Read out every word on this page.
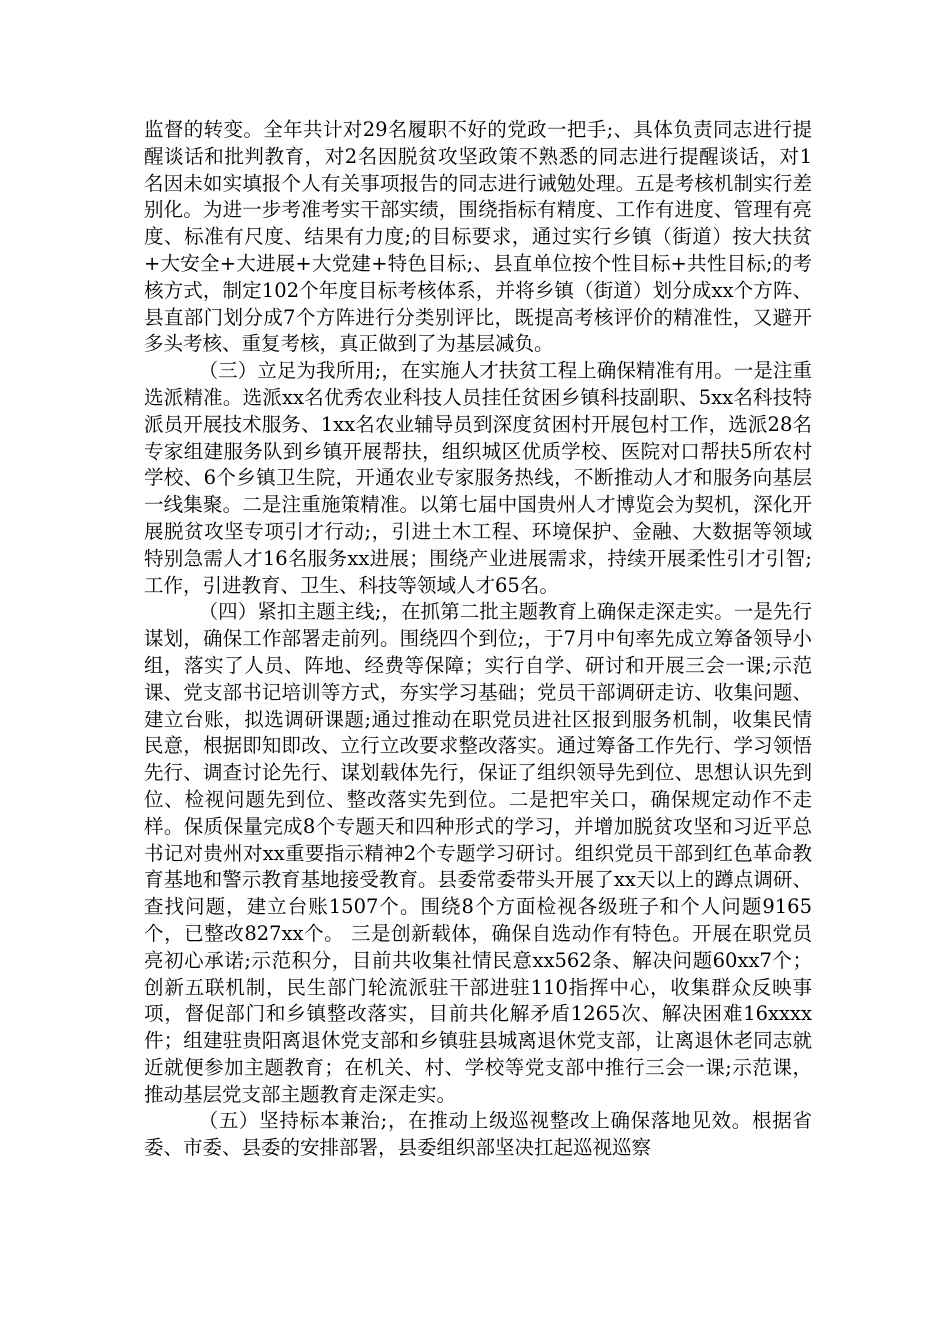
监督的转变。全年共计对29名履职不好的党政一把手;、具体负责同志进行提醒谈话和批判教育，对2名因脱贫攻坚政策不熟悉的同志进行提醒谈话，对1名因未如实填报个人有关事项报告的同志进行诫勉处理。五是考核机制实行差别化。为进一步考准考实干部实绩，围绕指标有精度、工作有进度、管理有亮度、标准有尺度、结果有力度;的目标要求，通过实行乡镇（街道）按大扶贫+大安全+大进展+大党建+特色目标;、县直单位按个性目标+共性目标;的考核方式，制定102个年度目标考核体系，并将乡镇（街道）划分成xx个方阵、县直部门划分成7个方阵进行分类别评比，既提高考核评价的精准性，又避开多头考核、重复考核，真正做到了为基层减负。

（三）立足为我所用;，在实施人才扶贫工程上确保精准有用。一是注重选派精准。选派xx名优秀农业科技人员挂任贫困乡镇科技副职、5xx名科技特派员开展技术服务、1xx名农业辅导员到深度贫困村开展包村工作，选派28名专家组建服务队到乡镇开展帮扶，组织城区优质学校、医院对口帮扶5所农村学校、6个乡镇卫生院，开通农业专家服务热线，不断推动人才和服务向基层一线集聚。二是注重施策精准。以第七届中国贵州人才博览会为契机，深化开展脱贫攻坚专项引才行动;，引进土木工程、环境保护、金融、大数据等领域特别急需人才16名服务xx进展；围绕产业进展需求，持续开展柔性引才引智;工作，引进教育、卫生、科技等领域人才65名。

（四）紧扣主题主线;，在抓第二批主题教育上确保走深走实。一是先行谋划，确保工作部署走前列。围绕四个到位;，于7月中旬率先成立筹备领导小组，落实了人员、阵地、经费等保障；实行自学、研讨和开展三会一课;示范课、党支部书记培训等方式，夯实学习基础；党员干部调研走访、收集问题、建立台账，拟选调研课题;通过推动在职党员进社区报到服务机制，收集民情民意，根据即知即改、立行立改要求整改落实。通过筹备工作先行、学习领悟先行、调查讨论先行、谋划载体先行，保证了组织领导先到位、思想认识先到位、检视问题先到位、整改落实先到位。二是把牢关口，确保规定动作不走样。保质保量完成8个专题天和四种形式的学习，并增加脱贫攻坚和习近平总书记对贵州对xx重要指示精神2个专题学习研讨。组织党员干部到红色革命教育基地和警示教育基地接受教育。县委常委带头开展了xx天以上的蹲点调研、查找问题，建立台账1507个。围绕8个方面检视各级班子和个人问题9165个，已整改827xx个。 三是创新载体，确保自选动作有特色。开展在职党员亮初心承诺;示范积分，目前共收集社情民意xx562条、解决问题60xx7个；创新五联机制，民生部门轮流派驻干部进驻110指挥中心，收集群众反映事项，督促部门和乡镇整改落实，目前共化解矛盾1265次、解决困难16xxxx件；组建驻贵阳离退休党支部和乡镇驻县城离退休党支部，让离退休老同志就近就便参加主题教育；在机关、村、学校等党支部中推行三会一课;示范课，推动基层党支部主题教育走深走实。

（五）坚持标本兼治;，在推动上级巡视整改上确保落地见效。根据省委、市委、县委的安排部署，县委组织部坚决扛起巡视巡察
